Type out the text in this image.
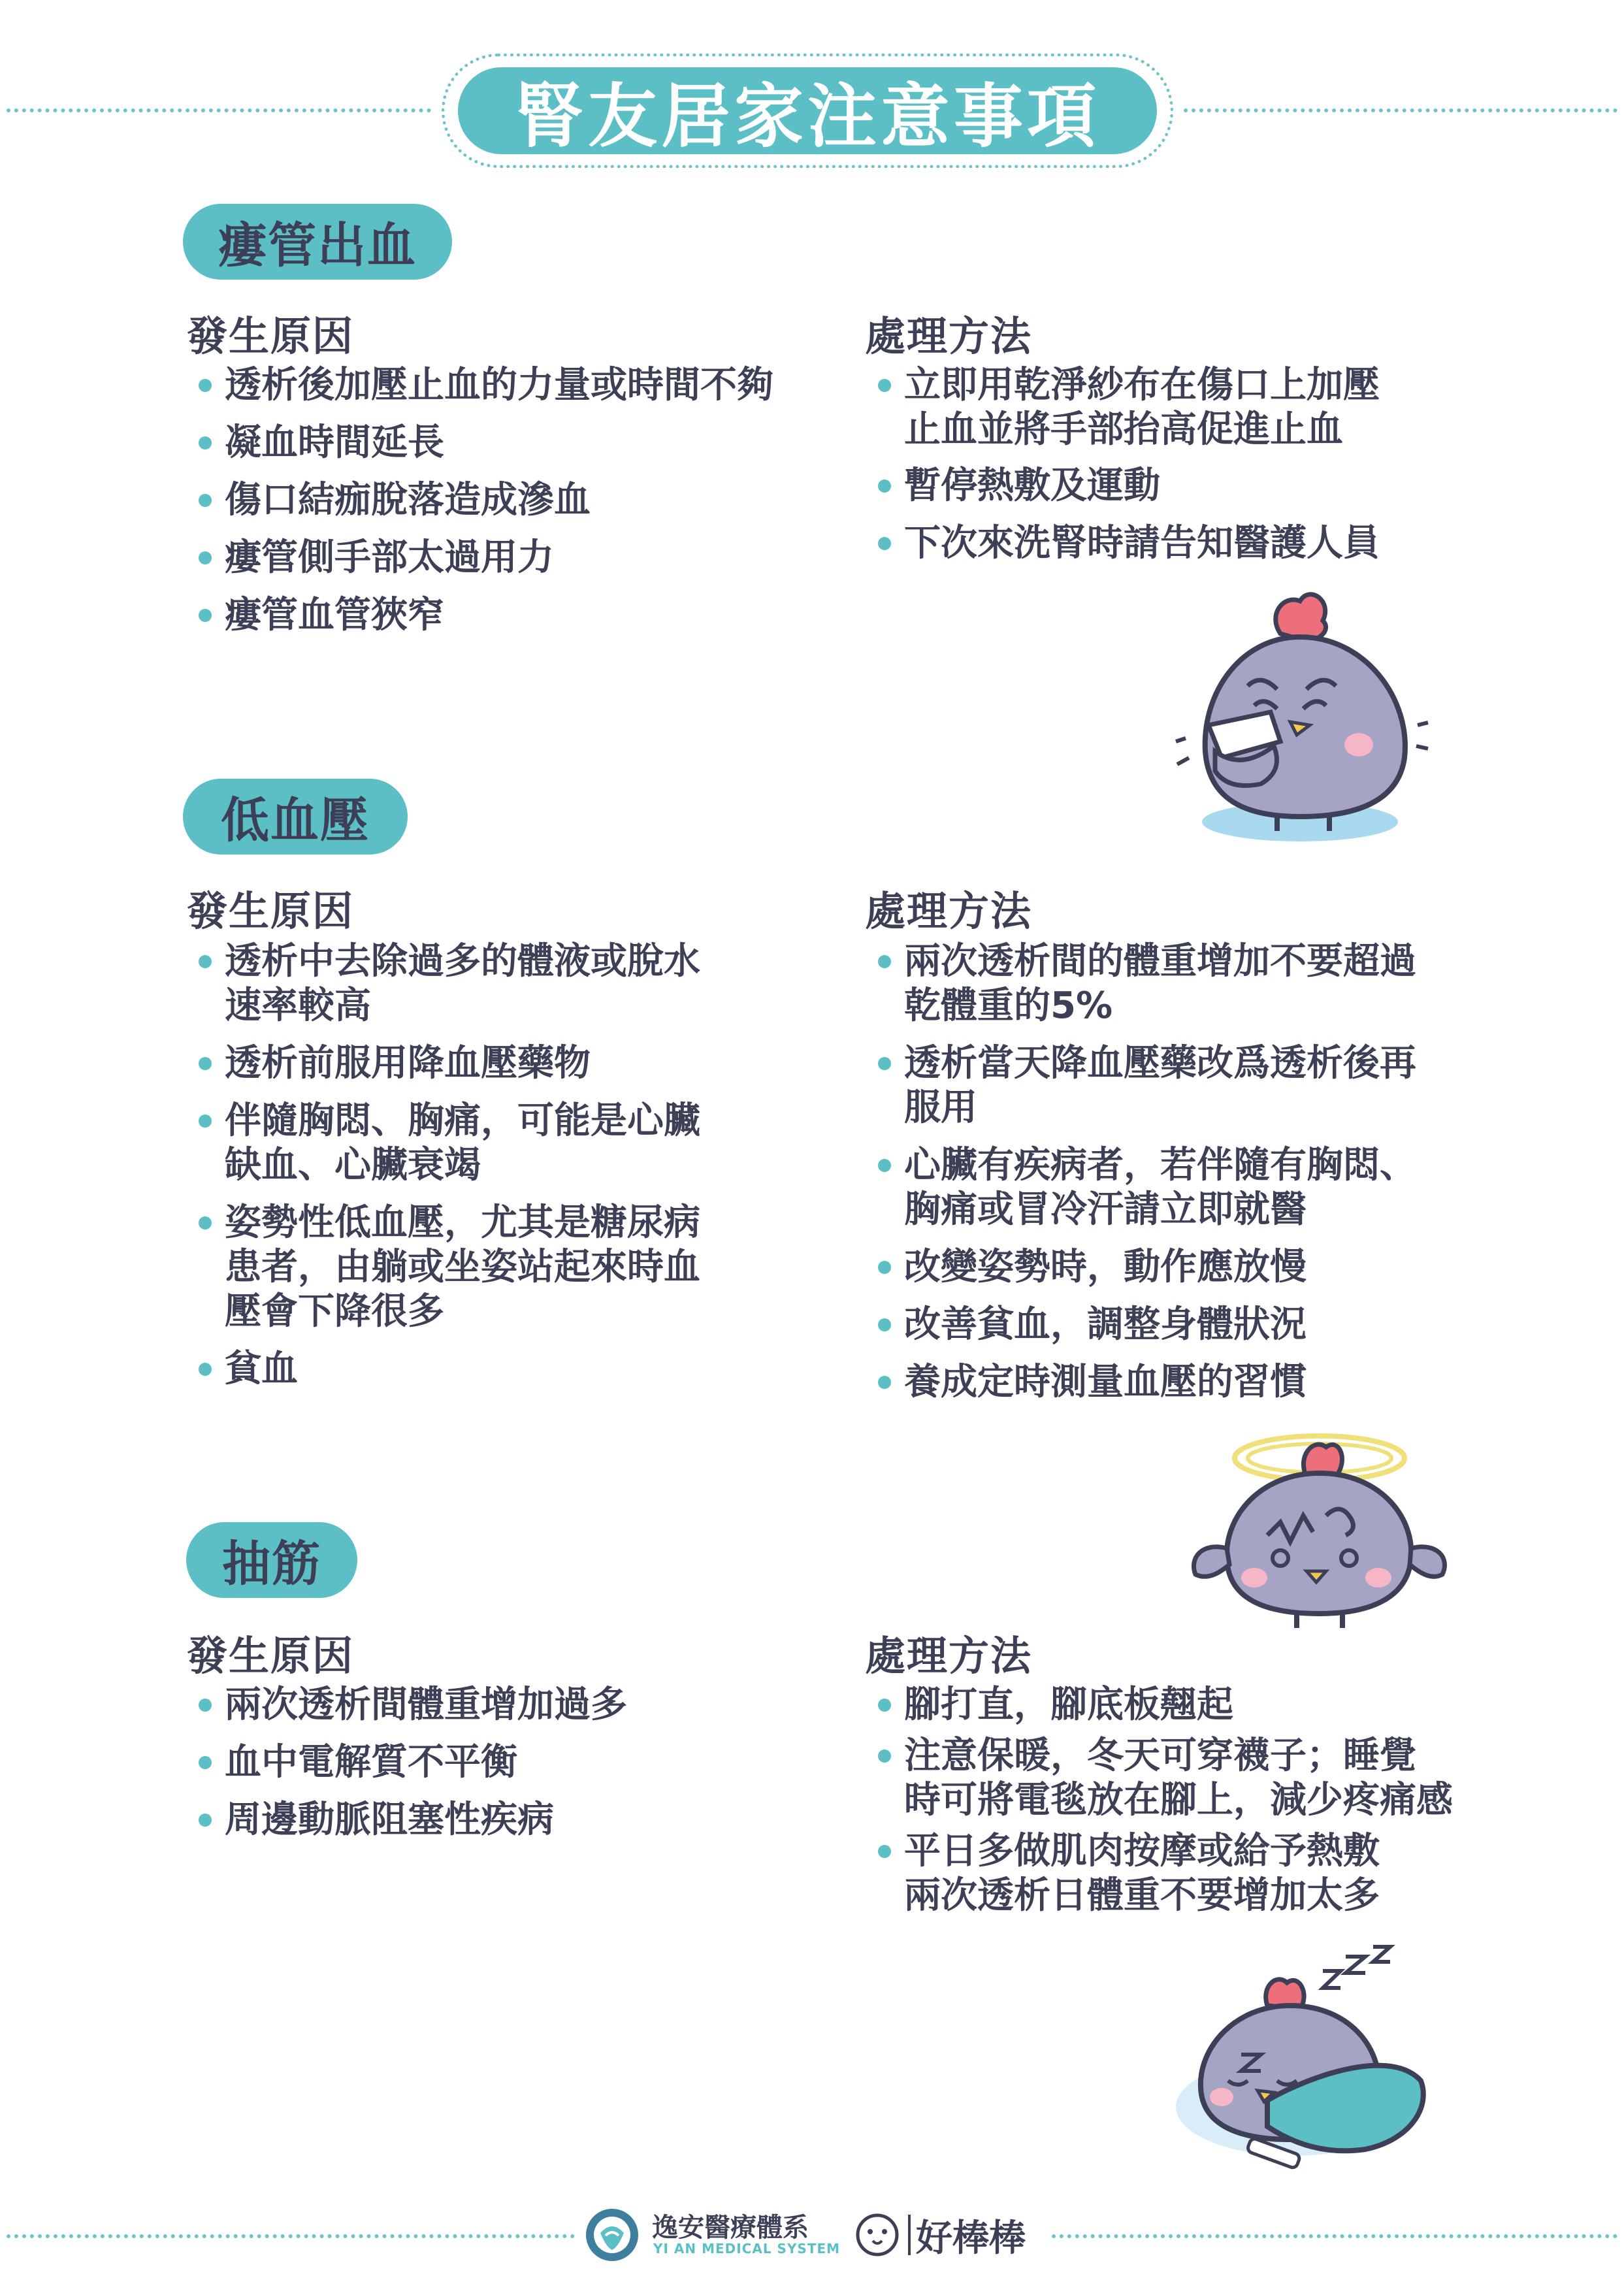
腎友居家注意事項
瘻管出血
發生原因
透析後加壓止血的力量或時間不夠
凝血時間延長
傷口結痂脫落造成滲血
瘻管側手部太過用力
瘻管血管狹窄
處理方法
立即用乾淨紗布在傷口上加壓
止血並將手部抬高促進止血
暫停熱敷及運動
下次來洗腎時請告知醫護人員
低血壓
發生原因
透析中去除過多的體液或脫水
速率較高
透析前服用降血壓藥物
伴隨胸悶、胸痛，可能是心臟
缺血、心臟衰竭
姿勢性低血壓，尤其是糖尿病
患者，由躺或坐姿站起來時血
壓會下降很多
貧血
處理方法
兩次透析間的體重增加不要超過
乾體重的5%
透析當天降血壓藥改爲透析後再
服用
心臟有疾病者，若伴隨有胸悶、
胸痛或冒冷汗請立即就醫
改變姿勢時，動作應放慢
改善貧血，調整身體狀況
養成定時測量血壓的習慣
抽筋
發生原因
兩次透析間體重增加過多
血中電解質不平衡
周邊動脈阻塞性疾病
處理方法
腳打直，腳底板翹起
注意保暖，冬天可穿襪子；睡覺
時可將電毯放在腳上，減少疼痛感
平日多做肌肉按摩或給予熱敷
兩次透析日體重不要增加太多
逸安醫療體系
YI AN MEDICAL SYSTEM 好棒棒
